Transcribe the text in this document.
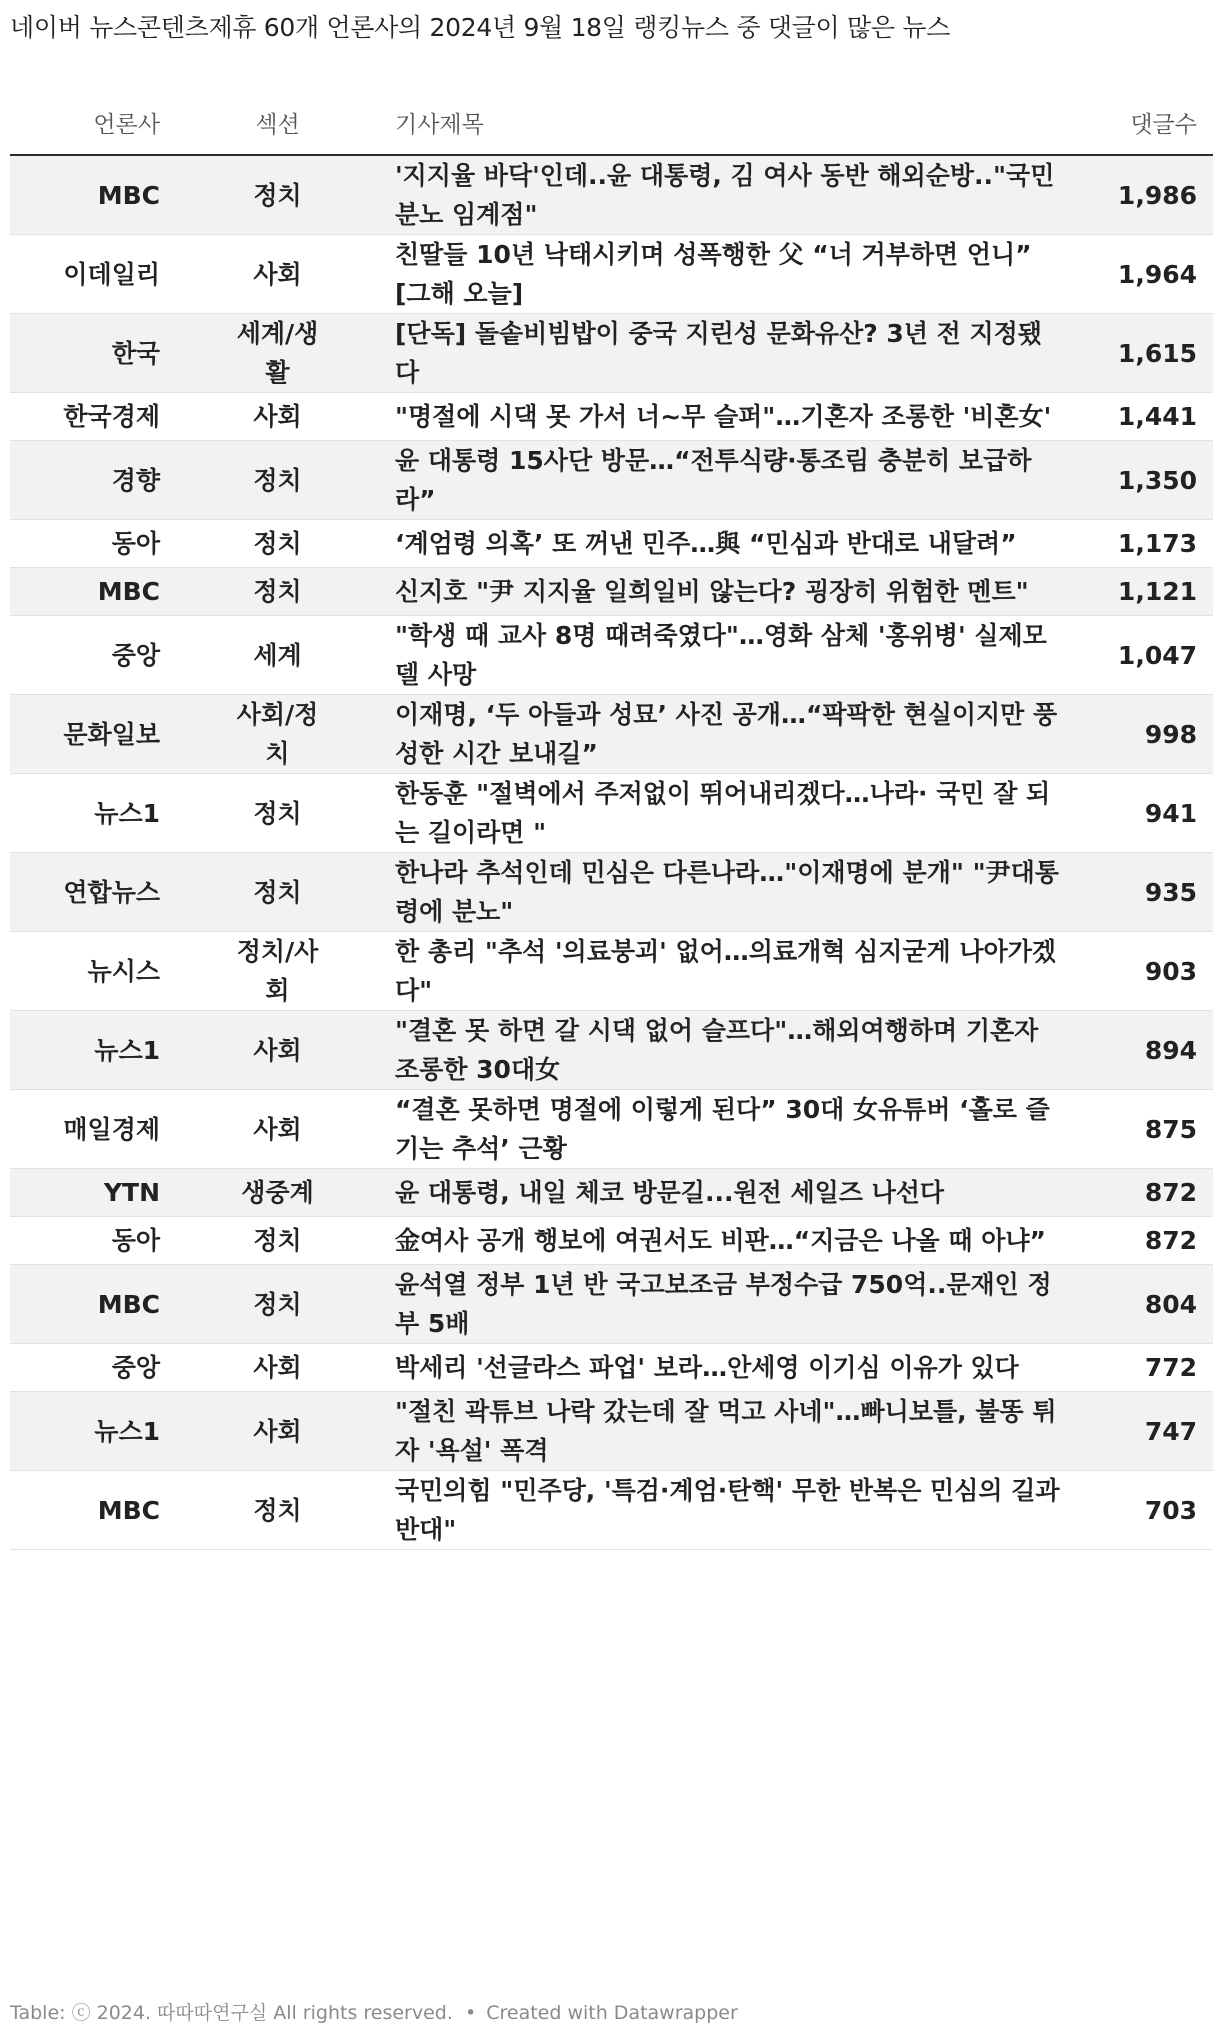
네이버 뉴스콘텐츠제휴 60개 언론사의 2024년 9월 18일 랭킹뉴스 중 댓글이 많은 뉴스
언론사	섹션	기사제목	댓글수

MBC	정치	'지지율 바닥'인데..윤 대통령, 김 여사 동반 해외순방.."국민 분노 임계점"	1,986

이데일리	사회	친딸들 10년 낙태시키며 성폭행한 父 “너 거부하면 언니” [그해 오늘]	1,964

한국	세계/생활	[단독] 돌솥비빔밥이 중국 지린성 문화유산? 3년 전 지정됐다	1,615

한국경제	사회	"명절에 시댁 못 가서 너~무 슬퍼"…기혼자 조롱한 '비혼女'	1,441

경향	정치	윤 대통령 15사단 방문…“전투식량·통조림 충분히 보급하라”	1,350

동아	정치	‘계엄령 의혹’ 또 꺼낸 민주…與 “민심과 반대로 내달려”	1,173

MBC	정치	신지호 "尹 지지율 일희일비 않는다? 굉장히 위험한 멘트"	1,121

중앙	세계	"학생 때 교사 8명 때려죽였다"…영화 삼체 '홍위병' 실제모델 사망	1,047

문화일보	사회/정치	이재명, ‘두 아들과 성묘’ 사진 공개…“팍팍한 현실이지만 풍성한 시간 보내길”	998

뉴스1	정치	한동훈 "절벽에서 주저없이 뛰어내리겠다…나라· 국민 잘 되는 길이라면 "	941

연합뉴스	정치	한나라 추석인데 민심은 다른나라…"이재명에 분개" "尹대통령에 분노"	935

뉴시스	정치/사회	한 총리 "추석 '의료붕괴' 없어…의료개혁 심지굳게 나아가겠다"	903

뉴스1	사회	"결혼 못 하면 갈 시댁 없어 슬프다"…해외여행하며 기혼자 조롱한 30대女	894

매일경제	사회	“결혼 못하면 명절에 이렇게 된다” 30대 女유튜버 ‘홀로 즐기는 추석’ 근황	875

YTN	생중계	윤 대통령, 내일 체코 방문길...원전 세일즈 나선다	872

동아	정치	金여사 공개 행보에 여권서도 비판…“지금은 나올 때 아냐”	872

MBC	정치	윤석열 정부 1년 반 국고보조금 부정수급 750억..문재인 정부 5배	804

중앙	사회	박세리 '선글라스 파업' 보라…안세영 이기심 이유가 있다	772

뉴스1	사회	"절친 곽튜브 나락 갔는데 잘 먹고 사네"…빠니보틀, 불똥 튀자 '욕설' 폭격	747

MBC	정치	국민의힘 "민주당, '특검·계엄·탄핵' 무한 반복은 민심의 길과 반대"	703
Table: ⓒ 2024. 따따따연구실 All rights reserved. • Created with Datawrapper
